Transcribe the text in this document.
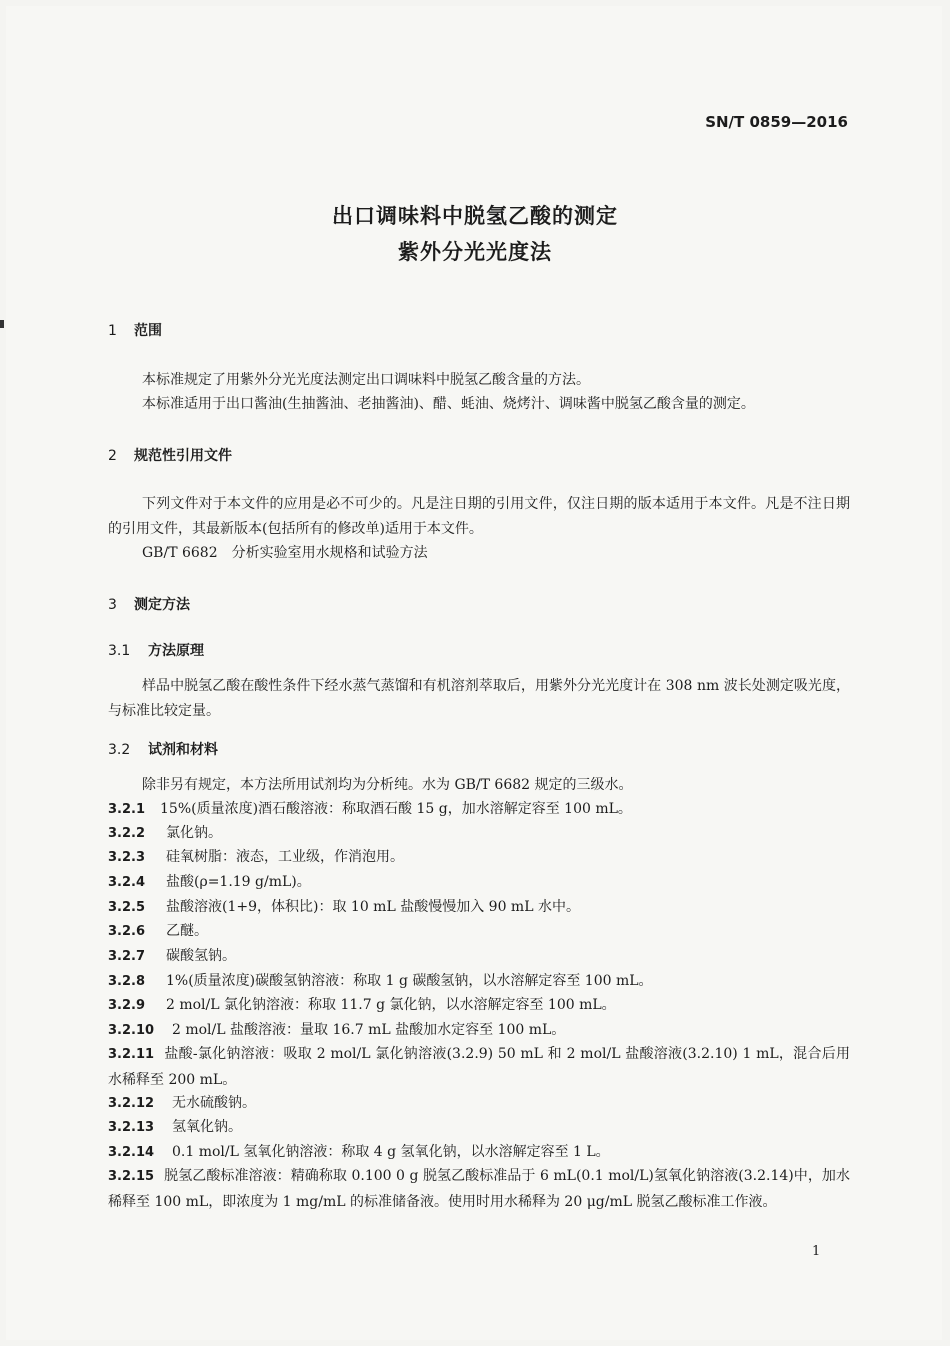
SN/T 0859—2016
出口调味料中脱氢乙酸的测定
紫外分光光度法
1 范围
本标准规定了用紫外分光光度法测定出口调味料中脱氢乙酸含量的方法。
本标准适用于出口酱油(生抽酱油、老抽酱油)、醋、蚝油、烧烤汁、调味酱中脱氢乙酸含量的测定。
2 规范性引用文件
下列文件对于本文件的应用是必不可少的。凡是注日期的引用文件，仅注日期的版本适用于本文件。凡是不注日期的引用文件，其最新版本(包括所有的修改单)适用于本文件。
GB/T 6682　分析实验室用水规格和试验方法
3 测定方法
3.1 方法原理
样品中脱氢乙酸在酸性条件下经水蒸气蒸馏和有机溶剂萃取后，用紫外分光光度计在 308 nm 波长处测定吸光度，与标准比较定量。
3.2 试剂和材料
除非另有规定，本方法所用试剂均为分析纯。水为 GB/T 6682 规定的三级水。
3.2.1 15%(质量浓度)酒石酸溶液：称取酒石酸 15 g，加水溶解定容至 100 mL。
3.2.2 氯化钠。
3.2.3 硅氧树脂：液态，工业级，作消泡用。
3.2.4 盐酸(ρ=1.19 g/mL)。
3.2.5 盐酸溶液(1+9，体积比)：取 10 mL 盐酸慢慢加入 90 mL 水中。
3.2.6 乙醚。
3.2.7 碳酸氢钠。
3.2.8 1%(质量浓度)碳酸氢钠溶液：称取 1 g 碳酸氢钠，以水溶解定容至 100 mL。
3.2.9 2 mol/L 氯化钠溶液：称取 11.7 g 氯化钠，以水溶解定容至 100 mL。
3.2.10 2 mol/L 盐酸溶液：量取 16.7 mL 盐酸加水定容至 100 mL。
3.2.11 盐酸-氯化钠溶液：吸取 2 mol/L 氯化钠溶液(3.2.9) 50 mL 和 2 mol/L 盐酸溶液(3.2.10) 1 mL，混合后用水稀释至 200 mL。
3.2.12 无水硫酸钠。
3.2.13 氢氧化钠。
3.2.14 0.1 mol/L 氢氧化钠溶液：称取 4 g 氢氧化钠，以水溶解定容至 1 L。
3.2.15 脱氢乙酸标准溶液：精确称取 0.100 0 g 脱氢乙酸标准品于 6 mL(0.1 mol/L)氢氧化钠溶液(3.2.14)中，加水稀释至 100 mL，即浓度为 1 mg/mL 的标准储备液。使用时用水稀释为 20 μg/mL 脱氢乙酸标准工作液。
1
